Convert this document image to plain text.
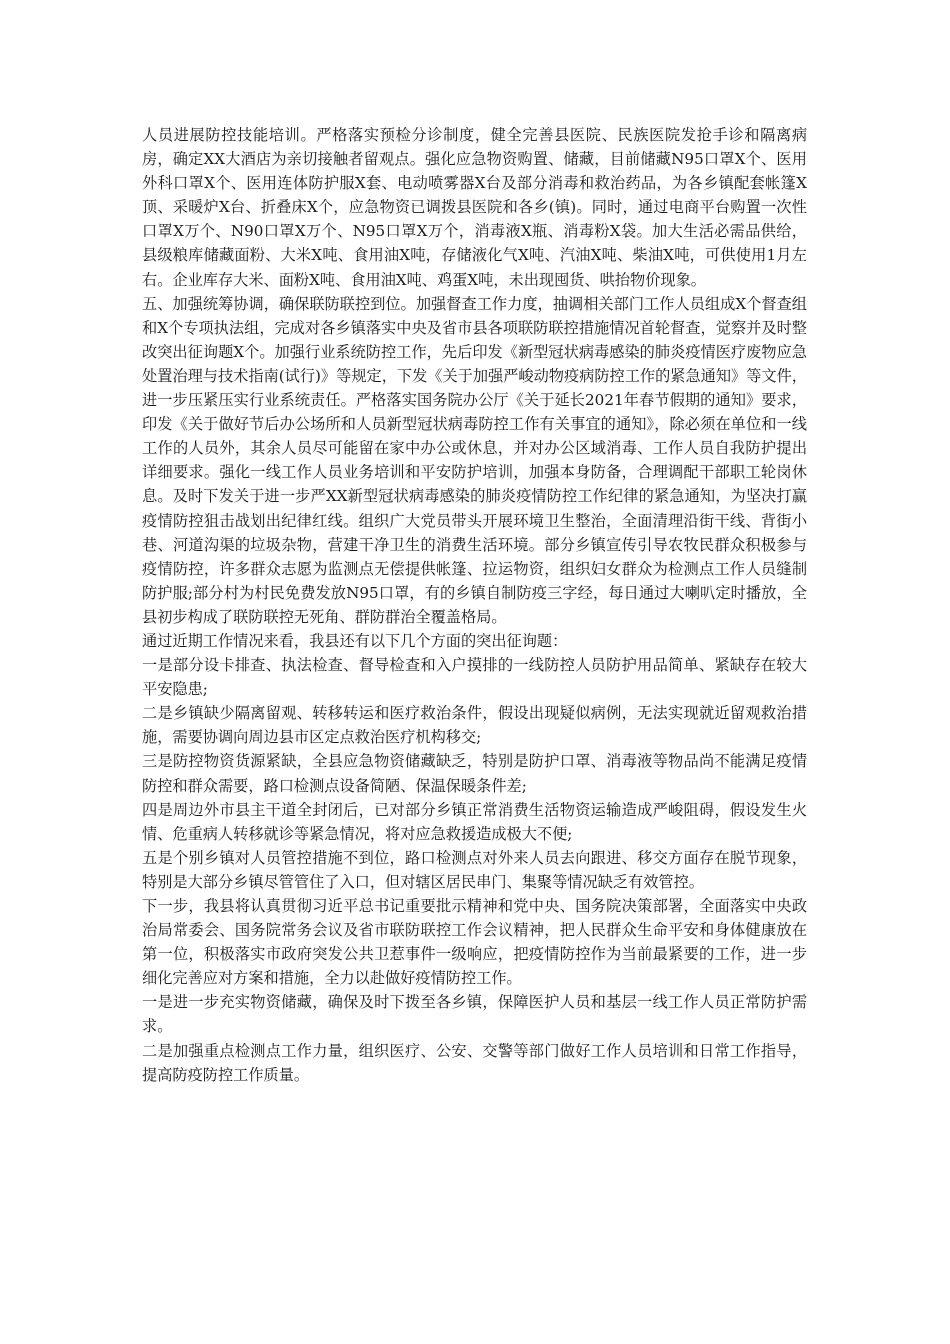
人员进展防控技能培训。严格落实预检分诊制度，健全完善县医院、民族医院发抢手诊和隔离病房，确定XX大酒店为亲切接触者留观点。强化应急物资购置、储藏，目前储藏N95口罩X个、医用外科口罩X个、医用连体防护服X套、电动喷雾器X台及部分消毒和救治药品，为各乡镇配套帐篷X顶、采暖炉X台、折叠床X个，应急物资已调拨县医院和各乡(镇)。同时，通过电商平台购置一次性口罩X万个、N90口罩X万个、N95口罩X万个，消毒液X瓶、消毒粉X袋。加大生活必需品供给，县级粮库储藏面粉、大米X吨、食用油X吨，存储液化气X吨、汽油X吨、柴油X吨，可供使用1月左右。企业库存大米、面粉X吨、食用油X吨、鸡蛋X吨，未出现囤货、哄抬物价现象。

五、加强统筹协调，确保联防联控到位。加强督查工作力度，抽调相关部门工作人员组成X个督查组和X个专项执法组，完成对各乡镇落实中央及省市县各项联防联控措施情况首轮督查，觉察并及时整改突出征询题X个。加强行业系统防控工作，先后印发《新型冠状病毒感染的肺炎疫情医疗废物应急处置治理与技术指南(试行)》等规定，下发《关于加强严峻动物疫病防控工作的紧急通知》等文件，进一步压紧压实行业系统责任。严格落实国务院办公厅《关于延长2021年春节假期的通知》要求，印发《关于做好节后办公场所和人员新型冠状病毒防控工作有关事宜的通知》，除必须在单位和一线工作的人员外，其余人员尽可能留在家中办公或休息，并对办公区域消毒、工作人员自我防护提出详细要求。强化一线工作人员业务培训和平安防护培训，加强本身防备，合理调配干部职工轮岗休息。及时下发关于进一步严XX新型冠状病毒感染的肺炎疫情防控工作纪律的紧急通知，为坚决打赢疫情防控狙击战划出纪律红线。组织广大党员带头开展环境卫生整治，全面清理沿街干线、背街小巷、河道沟渠的垃圾杂物，营建干净卫生的消费生活环境。部分乡镇宣传引导农牧民群众积极参与疫情防控，许多群众志愿为监测点无偿提供帐篷、拉运物资，组织妇女群众为检测点工作人员缝制防护服;部分村为村民免费发放N95口罩，有的乡镇自制防疫三字经，每日通过大喇叭定时播放，全县初步构成了联防联控无死角、群防群治全覆盖格局。

通过近期工作情况来看，我县还有以下几个方面的突出征询题：

一是部分设卡排查、执法检查、督导检查和入户摸排的一线防控人员防护用品简单、紧缺存在较大平安隐患;

二是乡镇缺少隔离留观、转移转运和医疗救治条件，假设出现疑似病例，无法实现就近留观救治措施，需要协调向周边县市区定点救治医疗机构移交;

三是防控物资货源紧缺，全县应急物资储藏缺乏，特别是防护口罩、消毒液等物品尚不能满足疫情防控和群众需要，路口检测点设备简陋、保温保暖条件差;

四是周边外市县主干道全封闭后，已对部分乡镇正常消费生活物资运输造成严峻阻碍，假设发生火情、危重病人转移就诊等紧急情况，将对应急救援造成极大不便;

五是个别乡镇对人员管控措施不到位，路口检测点对外来人员去向跟进、移交方面存在脱节现象，特别是大部分乡镇尽管管住了入口，但对辖区居民串门、集聚等情况缺乏有效管控。

下一步，我县将认真贯彻习近平总书记重要批示精神和党中央、国务院决策部署，全面落实中央政治局常委会、国务院常务会议及省市联防联控工作会议精神，把人民群众生命平安和身体健康放在第一位，积极落实市政府突发公共卫惹事件一级响应，把疫情防控作为当前最紧要的工作，进一步细化完善应对方案和措施，全力以赴做好疫情防控工作。

一是进一步充实物资储藏，确保及时下拨至各乡镇，保障医护人员和基层一线工作人员正常防护需求。

二是加强重点检测点工作力量，组织医疗、公安、交警等部门做好工作人员培训和日常工作指导，提高防疫防控工作质量。
